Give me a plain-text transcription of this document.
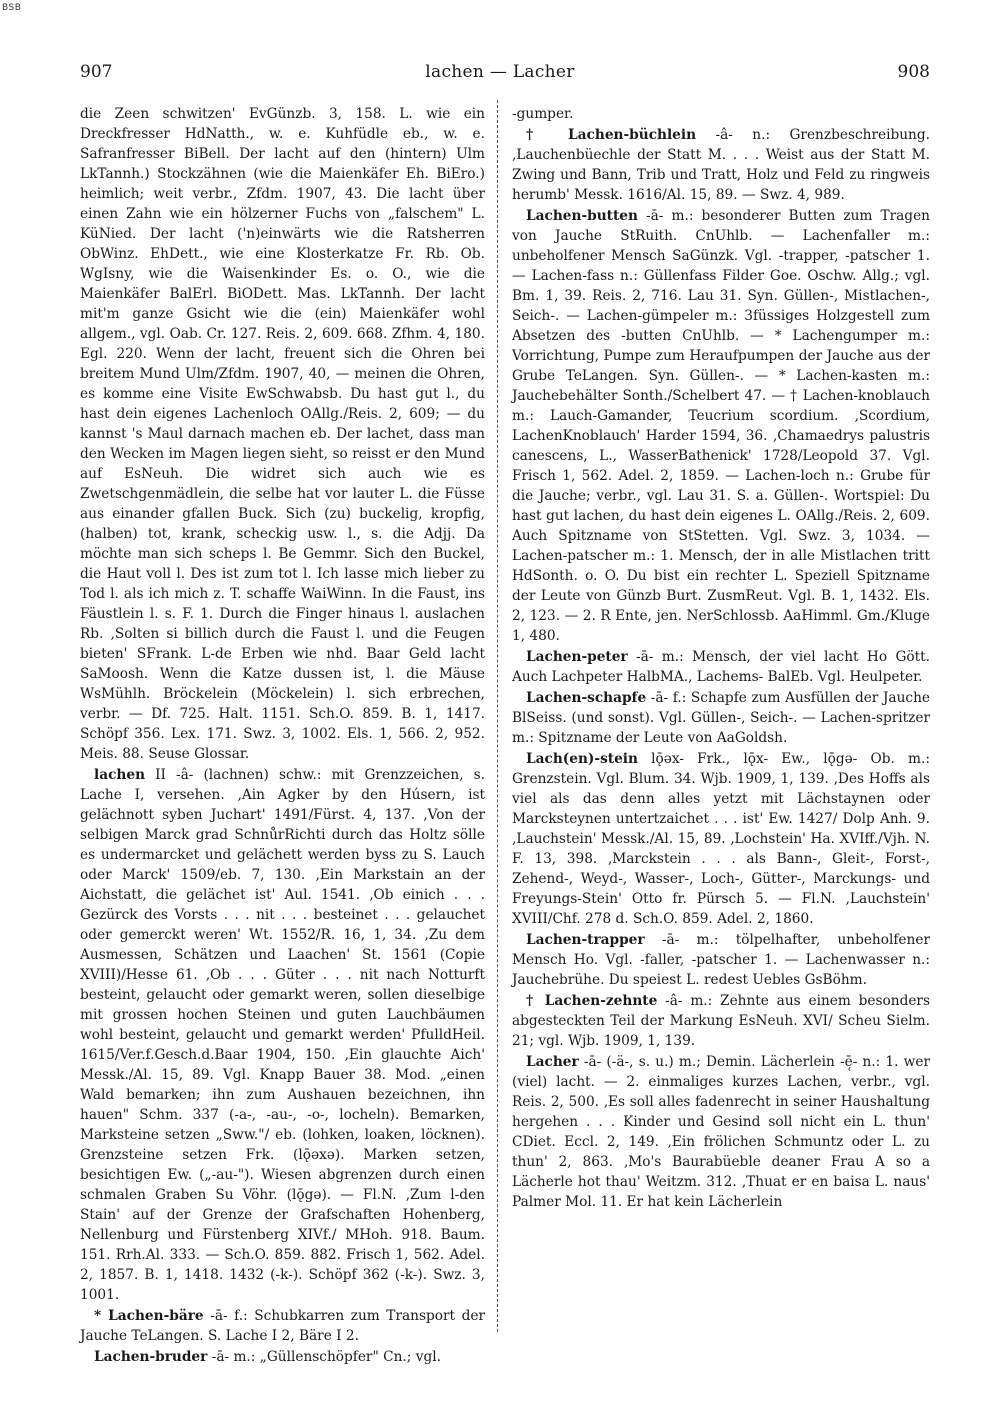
BSB
907	lachen — Lacher	908

die Zeen schwitzen' EvGünzb. 3, 158. L. wie ein Dreckfresser HdNatth., w. e. Kuhfüdle eb., w. e. Safranfresser BiBell. Der lacht auf den (hintern) Ulm LkTannh.) Stockzähnen (wie die Maienkäfer Eh. BiEro.) heimlich; weit verbr., Zfdm. 1907, 43. Die lacht über einen Zahn wie ein hölzerner Fuchs von „falschem" L. KüNied. Der lacht ('n)einwärts wie die Ratsherren ObWinz. EhDett., wie eine Klosterkatze Fr. Rb. Ob. WgIsny, wie die Waisenkinder Es. o. O., wie die Maienkäfer BalErl. BiODett. Mas. LkTannh. Der lacht mit'm ganze Gsicht wie die (ein) Maienkäfer wohl allgem., vgl. Oab. Cr. 127. Reis. 2, 609. 668. Zfhm. 4, 180. Egl. 220. Wenn der lacht, freuent sich die Ohren bei breitem Mund Ulm/Zfdm. 1907, 40, — meinen die Ohren, es komme eine Visite EwSchwabsb. Du hast gut l., du hast dein eigenes Lachenloch OAllg./Reis. 2, 609; — du kannst 's Maul darnach machen eb. Der lachet, dass man den Wecken im Magen liegen sieht, so reisst er den Mund auf EsNeuh. Die widret sich auch wie es Zwetschgenmädlein, die selbe hat vor lauter L. die Füsse aus einander gfallen Buck. Sich (zu) buckelig, kropfig, (halben) tot, krank, scheckig usw. l., s. die Adjj. Da möchte man sich scheps l. Be Gemmr. Sich den Buckel, die Haut voll l. Des ist zum tot l. Ich lasse mich lieber zu Tod l. als ich mich z. T. schaffe WaiWinn. In die Faust, ins Fäustlein l. s. F. 1. Durch die Finger hinaus l. auslachen Rb. ‚Solten si billich durch die Faust l. und die Feugen bieten' SFrank. L-de Erben wie nhd. Baar Geld lacht SaMoosh. Wenn die Katze dussen ist, l. die Mäuse WsMühlh. Bröckelein (Möckelein) l. sich erbrechen, verbr. — Df. 725. Halt. 1151. Sch.O. 859. B. 1, 1417. Schöpf 356. Lex. 171. Swz. 3, 1002. Els. 1, 566. 2, 952. Meis. 88. Seuse Glossar.

lachen II -â- (lachnen) schw.: mit Grenzzeichen, s. Lache I, versehen. ‚Ain Agker by den Húsern, ist gelächnott syben Juchart' 1491/Fürst. 4, 137. ‚Von der selbigen Marck grad SchnůrRichti durch das Holtz sölle es undermarcket und gelächett werden byss zu S. Lauch oder Marck' 1509/eb. 7, 130. ‚Ein Markstain an der Aichstatt, die gelächet ist' Aul. 1541. ‚Ob einich . . . Gezürck des Vorsts . . . nit . . . besteinet . . . gelauchet oder gemerckt weren' Wt. 1552/R. 16, 1, 34. ‚Zu dem Ausmessen, Schätzen und Laachen' St. 1561 (Copie XVIII)/Hesse 61. ‚Ob . . . Güter . . . nit nach Notturft besteint, gelaucht oder gemarkt weren, sollen dieselbige mit grossen hochen Steinen und guten Lauchbäumen wohl besteint, gelaucht und gemarkt werden' PfulldHeil. 1615/Ver.f.Gesch.d.Baar 1904, 150. ‚Ein glauchte Aich' Messk./Al. 15, 89. Vgl. Knapp Bauer 38. Mod. „einen Wald bemarken; ihn zum Aushauen bezeichnen, ihn hauen" Schm. 337 (-a-, -au-, -o-, locheln). Bemarken, Marksteine setzen „Sww."/ eb. (lohken, loaken, löcknen). Grenzsteine setzen Frk. (lǭəxə). Marken setzen, besichtigen Ew. („-au-"). Wiesen abgrenzen durch einen schmalen Graben Su Vöhr. (lǭgə). — Fl.N. ‚Zum l-den Stain' auf der Grenze der Grafschaften Hohenberg, Nellenburg und Fürstenberg XIVf./ MHoh. 918. Baum. 151. Rrh.Al. 333. — Sch.O. 859. 882. Frisch 1, 562. Adel. 2, 1857. B. 1, 1418. 1432 (-k-). Schöpf 362 (-k-). Swz. 3, 1001.

* Lachen-bäre -ā- f.: Schubkarren zum Transport der Jauche TeLangen. S. Lache I 2, Bäre I 2.

Lachen-bruder -ā- m.: „Güllenschöpfer" Cn.; vgl.

-gumper.

† Lachen-büchlein -â- n.: Grenzbeschreibung. ‚Lauchenbüechle der Statt M. . . . Weist aus der Statt M. Zwing und Bann, Trib und Tratt, Holz und Feld zu ringweis herumb' Messk. 1616/Al. 15, 89. — Swz. 4, 989.

Lachen-butten -ā- m.: besonderer Butten zum Tragen von Jauche StRuith. CnUhlb. — Lachenfaller m.: unbeholfener Mensch SaGünzk. Vgl. -trapper, -patscher 1. — Lachen-fass n.: Güllenfass Filder Goe. Oschw. Allg.; vgl. Bm. 1, 39. Reis. 2, 716. Lau 31. Syn. Güllen-, Mistlachen-, Seich-. — Lachen-gümpeler m.: 3füssiges Holzgestell zum Absetzen des -butten CnUhlb. — * Lachengumper m.: Vorrichtung, Pumpe zum Heraufpumpen der Jauche aus der Grube TeLangen. Syn. Güllen-. — * Lachen-kasten m.: Jauchebehälter Sonth./Schelbert 47. — † Lachen-knoblauch m.: Lauch-Gamander, Teucrium scordium. ‚Scordium, LachenKnoblauch' Harder 1594, 36. ‚Chamaedrys palustris canescens, L., WasserBathenick' 1728/Leopold 37. Vgl. Frisch 1, 562. Adel. 2, 1859. — Lachen-loch n.: Grube für die Jauche; verbr., vgl. Lau 31. S. a. Güllen-. Wortspiel: Du hast gut lachen, du hast dein eigenes L. OAllg./Reis. 2, 609. Auch Spitzname von StStetten. Vgl. Swz. 3, 1034. — Lachen-patscher m.: 1. Mensch, der in alle Mistlachen tritt HdSonth. o. O. Du bist ein rechter L. Speziell Spitzname der Leute von Günzb Burt. ZusmReut. Vgl. B. 1, 1432. Els. 2, 123. — 2. R Ente, jen. NerSchlossb. AaHimml. Gm./Kluge 1, 480.

Lachen-peter -ā- m.: Mensch, der viel lacht Ho Gött. Auch Lachpeter HalbMA., Lachems- BalEb. Vgl. Heulpeter.

Lachen-schapfe -ā- f.: Schapfe zum Ausfüllen der Jauche BlSeiss. (und sonst). Vgl. Güllen-, Seich-. — Lachen-spritzer m.: Spitzname der Leute von AaGoldsh.

Lach(en)-stein lǭəx- Frk., lǭx- Ew., lǭgə- Ob. m.: Grenzstein. Vgl. Blum. 34. Wjb. 1909, 1, 139. ‚Des Hoffs als viel als das denn alles yetzt mit Lächstaynen oder Marcksteynen untertzaichet . . . ist' Ew. 1427/ Dolp Anh. 9. ‚Lauchstein' Messk./Al. 15, 89. ‚Lochstein' Ha. XVIff./Vjh. N. F. 13, 398. ‚Marckstein . . . als Bann-, Gleit-, Forst-, Zehend-, Weyd-, Wasser-, Loch-, Gütter-, Marckungs- und Freyungs-Stein' Otto fr. Pürsch 5. — Fl.N. ‚Lauchstein' XVIII/Chf. 278 d. Sch.O. 859. Adel. 2, 1860.

Lachen-trapper -ā- m.: tölpelhafter, unbeholfener Mensch Ho. Vgl. -faller, -patscher 1. — Lachenwasser n.: Jauchebrühe. Du speiest L. redest Uebles GsBöhm.

† Lachen-zehnte -â- m.: Zehnte aus einem besonders abgesteckten Teil der Markung EsNeuh. XVI/ Scheu Sielm. 21; vgl. Wjb. 1909, 1, 139.

Lacher -ā- (-ä-, s. u.) m.; Demin. Lächerlein -ē̜- n.: 1. wer (viel) lacht. — 2. einmaliges kurzes Lachen, verbr., vgl. Reis. 2, 500. ‚Es soll alles fadenrecht in seiner Haushaltung hergehen . . . Kinder und Gesind soll nicht ein L. thun' CDiet. Eccl. 2, 149. ‚Ein frölichen Schmuntz oder L. zu thun' 2, 863. ‚Mo's Baurabüeble deaner Frau A so a Lächerle hot thau' Weitzm. 312. ‚Thuat er en baisa L. naus' Palmer Mol. 11. Er hat kein Lächerlein
